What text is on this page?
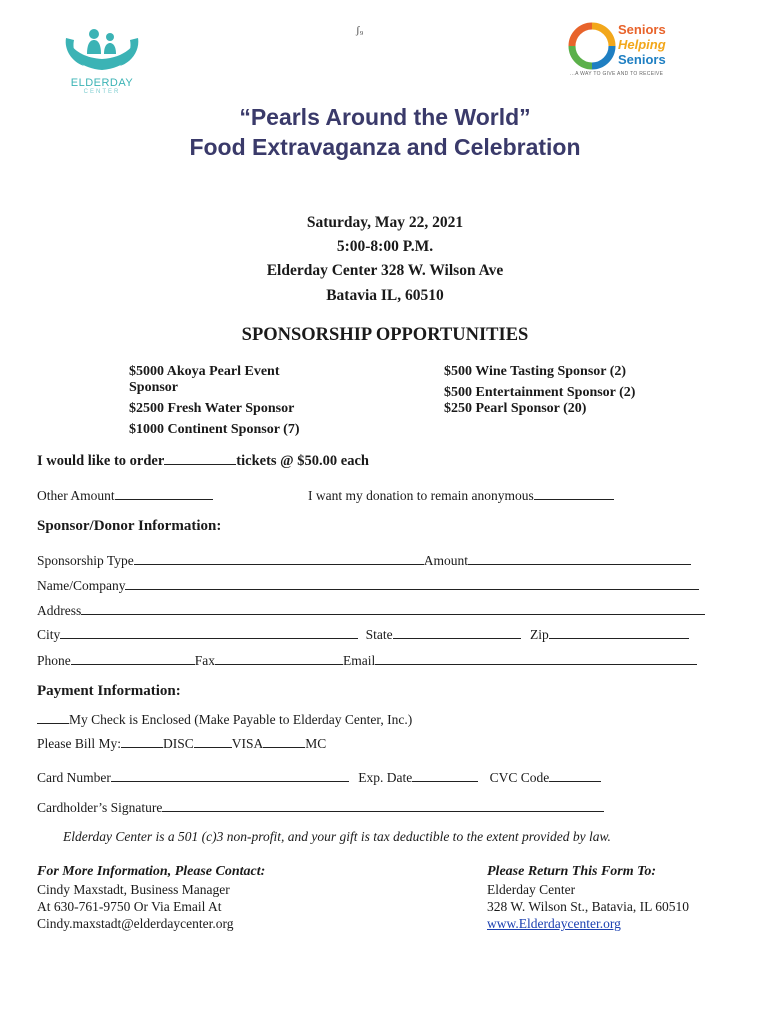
ELDERDAY
CENTER
ʃ₉	Seniors
Helping
Seniors
...A WAY TO GIVE AND TO RECEIVE
“Pearls Around the World”
Food Extravaganza and Celebration
Saturday, May 22, 2021
5:00-8:00 P.M.
Elderday Center 328 W. Wilson Ave
Batavia IL, 60510
SPONSORSHIP OPPORTUNITIES
$5000 Akoya Pearl Event
Sponsor
$2500 Fresh Water Sponsor
$1000 Continent Sponsor (7)
$500 Wine Tasting Sponsor (2)
$500 Entertainment Sponsor (2)
$250 Pearl Sponsor (20)
I would like to order	tickets @ $50.00 each
Other Amount	I want my donation to remain anonymous
Sponsor/Donor Information:
Sponsorship Type	Amount
Name/Company
Address
City	State	Zip
Phone	Fax	Email
Payment Information:
My Check is Enclosed (Make Payable to Elderday Center, Inc.)
Please Bill My:	DISC	VISA	MC
Card Number	Exp. Date	CVC Code
Cardholder’s Signature
Elderday Center is a 501 (c)3 non-profit, and your gift is tax deductible to the extent provided by law.
For More Information, Please Contact:
Cindy Maxstadt, Business Manager
At 630-761-9750 Or Via Email At
Cindy.maxstadt@elderdaycenter.org
Please Return This Form To:
Elderday Center
328 W. Wilson St., Batavia, IL 60510
www.Elderdaycenter.org
